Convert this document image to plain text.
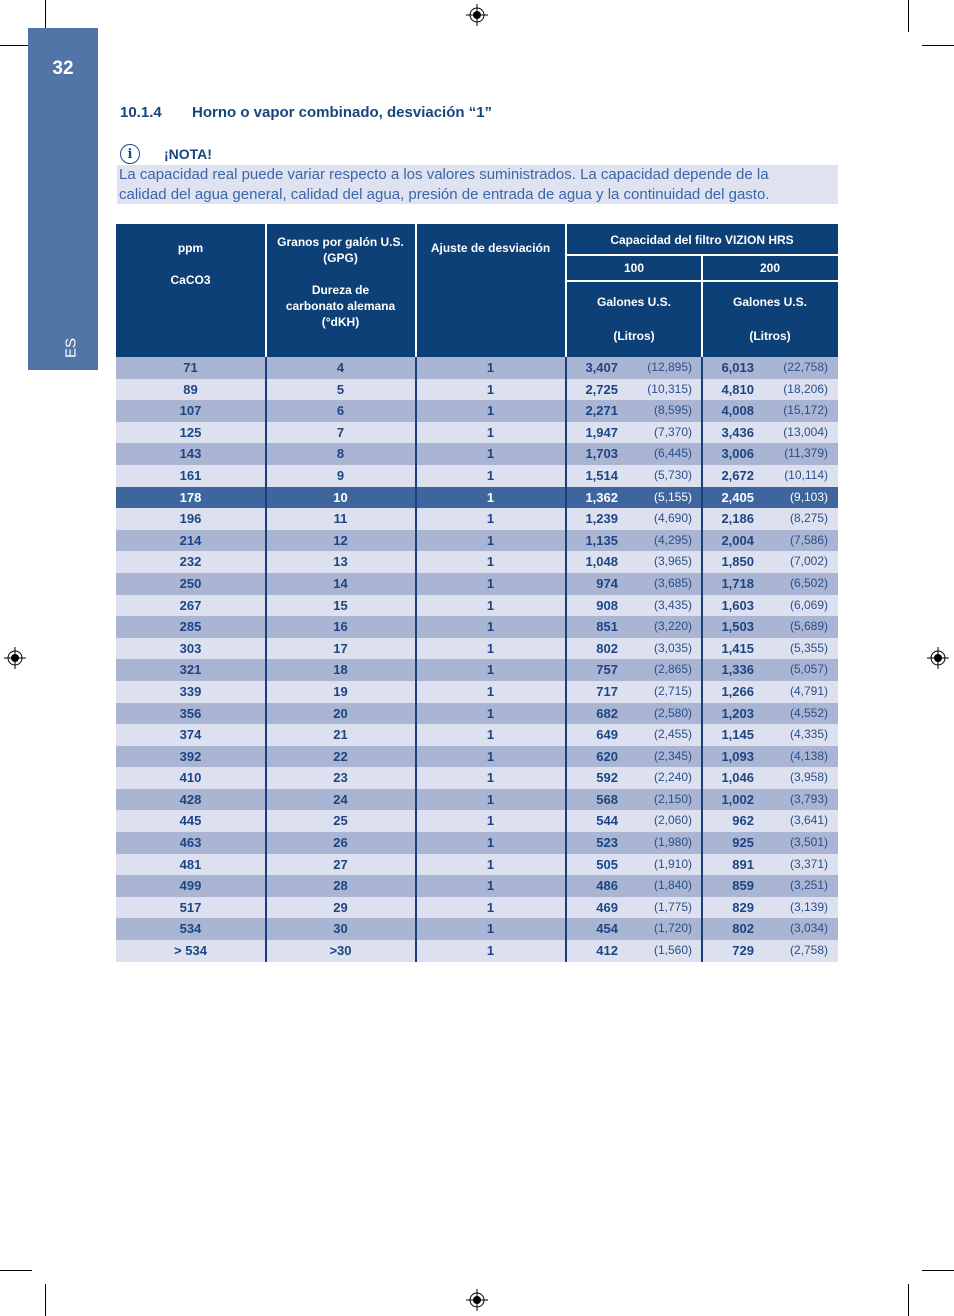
32
ES
10.1.4 Horno o vapor combinado, desviación “1”
i	¡NOTA!
La capacidad real puede variar respecto a los valores suministrados. La capacidad depende de la
calidad del agua general, calidad del agua, presión de entrada de agua y la continuidad del gasto.
ppm
CaCO3
Granos por galón U.S.
(GPG)
Dureza de
carbonato alemana
(°dKH)
Ajuste de desviación
Capacidad del filtro VIZION HRS
100	200
Galones U.S.
(Litros)
Galones U.S.
(Litros)
71	4	1	3,407	(12,895)	6,013	(22,758)
89	5	1	2,725	(10,315)	4,810	(18,206)
107	6	1	2,271	(8,595)	4,008	(15,172)
125	7	1	1,947	(7,370)	3,436	(13,004)
143	8	1	1,703	(6,445)	3,006	(11,379)
161	9	1	1,514	(5,730)	2,672	(10,114)
178	10	1	1,362	(5,155)	2,405	(9,103)
196	11	1	1,239	(4,690)	2,186	(8,275)
214	12	1	1,135	(4,295)	2,004	(7,586)
232	13	1	1,048	(3,965)	1,850	(7,002)
250	14	1	974	(3,685)	1,718	(6,502)
267	15	1	908	(3,435)	1,603	(6,069)
285	16	1	851	(3,220)	1,503	(5,689)
303	17	1	802	(3,035)	1,415	(5,355)
321	18	1	757	(2,865)	1,336	(5,057)
339	19	1	717	(2,715)	1,266	(4,791)
356	20	1	682	(2,580)	1,203	(4,552)
374	21	1	649	(2,455)	1,145	(4,335)
392	22	1	620	(2,345)	1,093	(4,138)
410	23	1	592	(2,240)	1,046	(3,958)
428	24	1	568	(2,150)	1,002	(3,793)
445	25	1	544	(2,060)	962	(3,641)
463	26	1	523	(1,980)	925	(3,501)
481	27	1	505	(1,910)	891	(3,371)
499	28	1	486	(1,840)	859	(3,251)
517	29	1	469	(1,775)	829	(3,139)
534	30	1	454	(1,720)	802	(3,034)
> 534	>30	1	412	(1,560)	729	(2,758)
